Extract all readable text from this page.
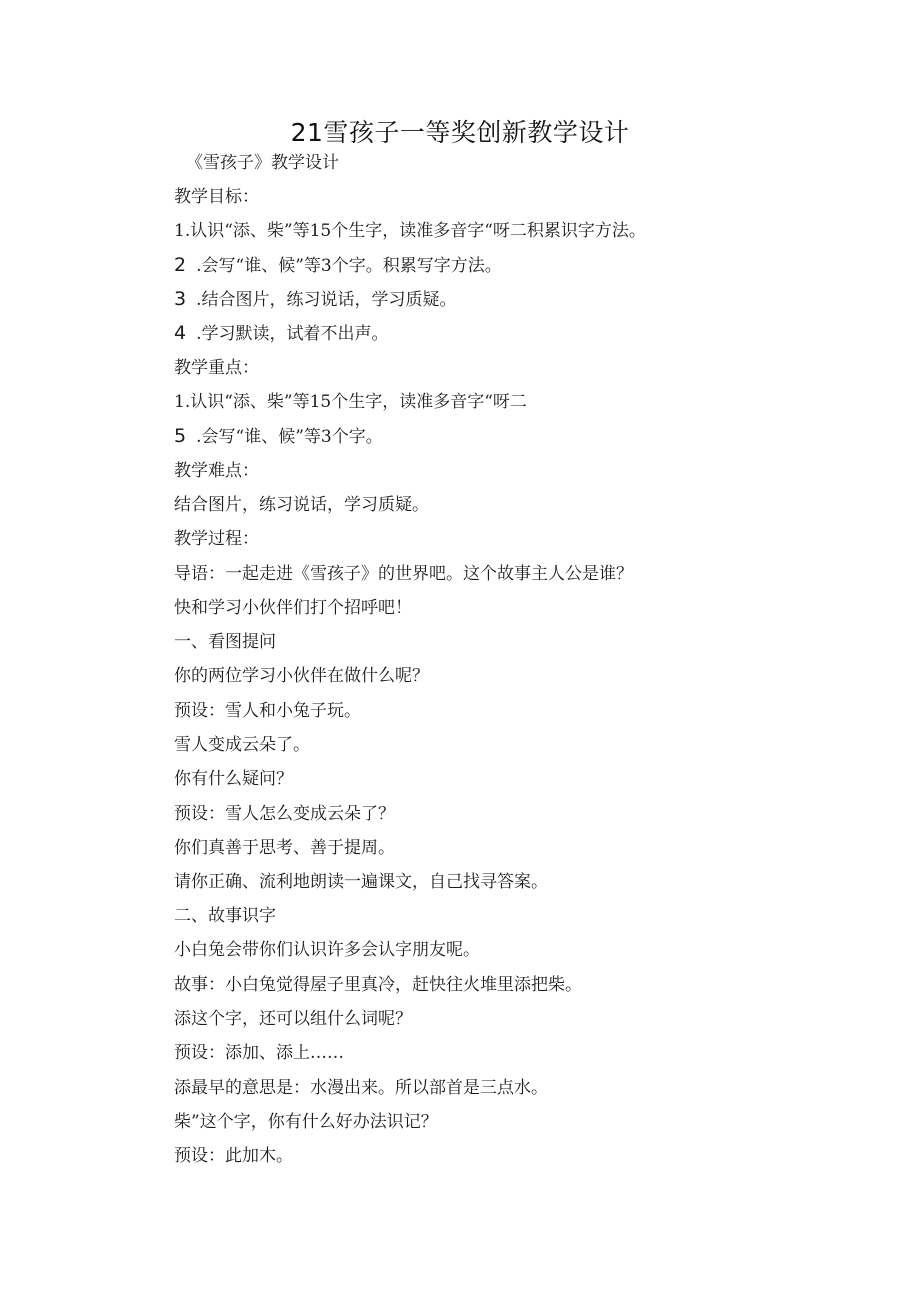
21雪孩子一等奖创新教学设计
《雪孩子》教学设计
教学目标：
1.认识“添、柴”等15个生字，读准多音字“呀二积累识字方法。
2 .会写“谁、候”等3个字。积累写字方法。
3 .结合图片，练习说话，学习质疑。
4 .学习默读，试着不出声。
教学重点：
1.认识“添、柴”等15个生字，读准多音字“呀二
5 .会写“谁、候”等3个字。
教学难点：
结合图片，练习说话，学习质疑。
教学过程：
导语：一起走进《雪孩子》的世界吧。这个故事主人公是谁？
快和学习小伙伴们打个招呼吧！
一、看图提问
你的两位学习小伙伴在做什么呢？
预设：雪人和小兔子玩。
雪人变成云朵了。
你有什么疑问？
预设：雪人怎么变成云朵了？
你们真善于思考、善于提周。
请你正确、流利地朗读一遍课文，自己找寻答案。
二、故事识字
小白兔会带你们认识许多会认字朋友呢。
故事：小白兔觉得屋子里真冷，赶快往火堆里添把柴。
添这个字，还可以组什么词呢？
预设：添加、添上……
添最早的意思是：水漫出来。所以部首是三点水。
柴”这个字，你有什么好办法识记？
预设：此加木。
